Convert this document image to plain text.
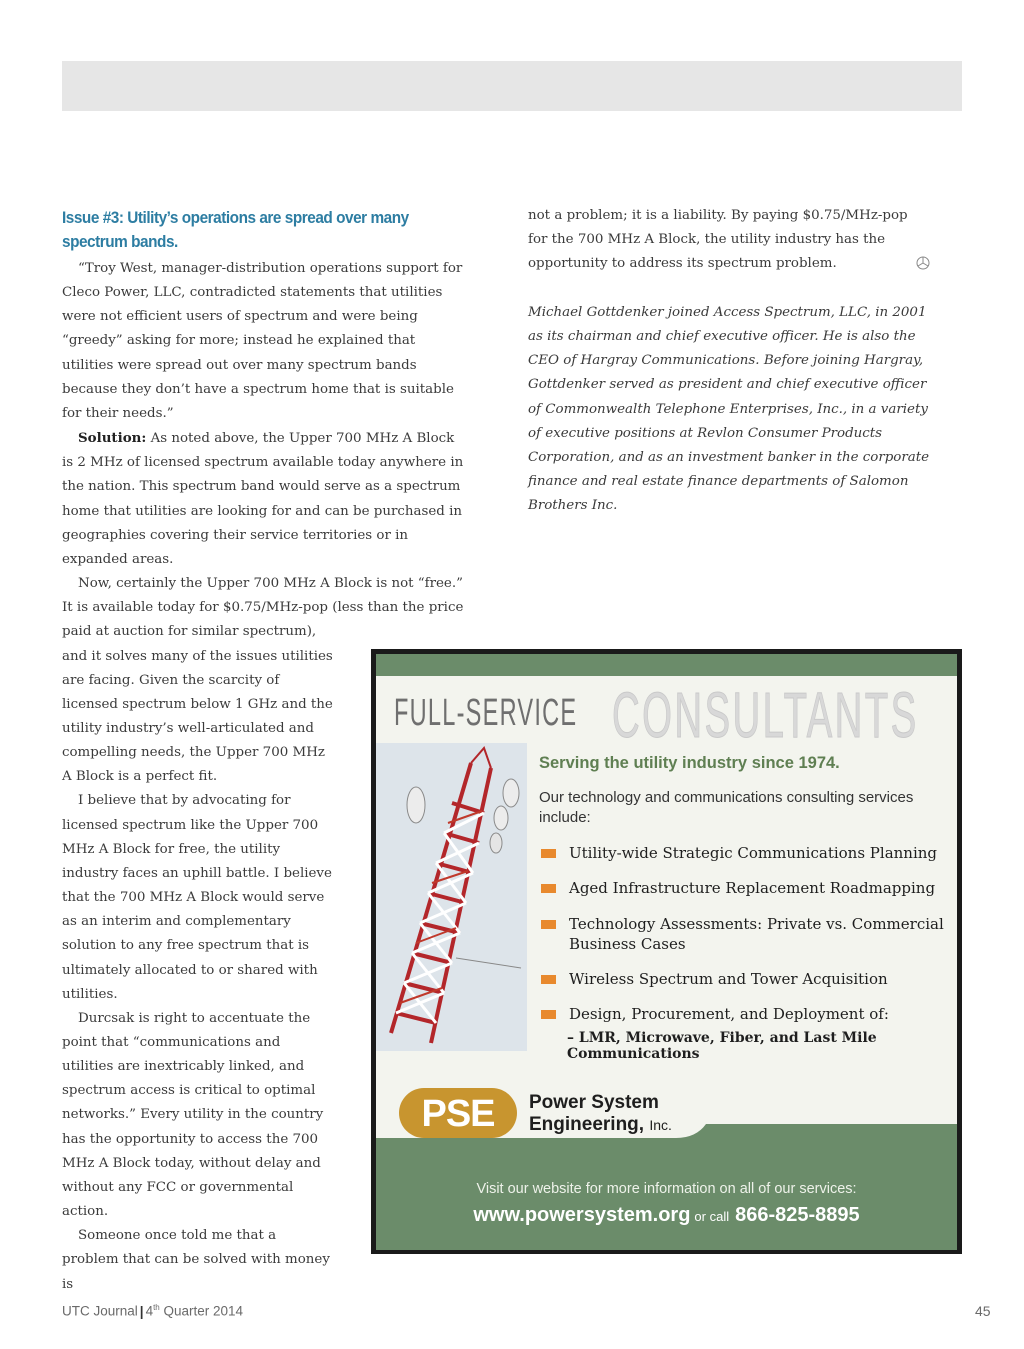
Issue #3: Utility’s operations are spread over many spectrum bands.

“Troy West, manager-distribution operations support for Cleco Power, LLC, contradicted statements that utilities were not efficient users of spectrum and were being “greedy” asking for more; instead he explained that utilities were spread out over many spectrum bands because they don’t have a spectrum home that is suitable for their needs.”

Solution: As noted above, the Upper 700 MHz A Block is 2 MHz of licensed spectrum available today anywhere in the nation. This spectrum band would serve as a spectrum home that utilities are looking for and can be purchased in geographies covering their service territories or in expanded areas.

Now, certainly the Upper 700 MHz A Block is not “free.” It is available today for $0.75/MHz-pop (less than the price paid at auction for similar spectrum),

and it solves many of the issues utilities are facing. Given the scarcity of licensed spectrum below 1 GHz and the utility industry’s well-articulated and compelling needs, the Upper 700 MHz A Block is a perfect fit.

I believe that by advocating for licensed spectrum like the Upper 700 MHz A Block for free, the utility industry faces an uphill battle. I believe that the 700 MHz A Block would serve as an interim and complementary solution to any free spectrum that is ultimately allocated to or shared with utilities.

Durcsak is right to accentuate the point that “communications and utilities are inextricably linked, and spectrum access is critical to optimal networks.” Every utility in the country has the opportunity to access the 700 MHz A Block today, without delay and without any FCC or governmental action.

Someone once told me that a problem that can be solved with money is

not a problem; it is a liability. By paying $0.75/MHz-pop for the 700 MHz A Block, the utility industry has the opportunity to address its spectrum problem.

Michael Gottdenker joined Access Spectrum, LLC, in 2001 as its chairman and chief executive officer. He is also the CEO of Hargray Communications. Before joining Hargray, Gottdenker served as president and chief executive officer of Commonwealth Telephone Enterprises, Inc., in a variety of executive positions at Revlon Consumer Products Corporation, and as an investment banker in the corporate finance and real estate finance departments of Salomon Brothers Inc.

FULL-SERVICE CONSULTANTS

Serving the utility industry since 1974.

Our technology and communications consulting services include:

Utility-wide Strategic Communications Planning
Aged Infrastructure Replacement Roadmapping
Technology Assessments: Private vs. Commercial Business Cases
Wireless Spectrum and Tower Acquisition
Design, Procurement, and Deployment of:
– LMR, Microwave, Fiber, and Last Mile Communications
PSE Power System
Engineering, Inc.
Visit our website for more information on all of our services:
www.powersystem.org or call 866-825-8895
UTC Journal | 4th Quarter 2014	45
